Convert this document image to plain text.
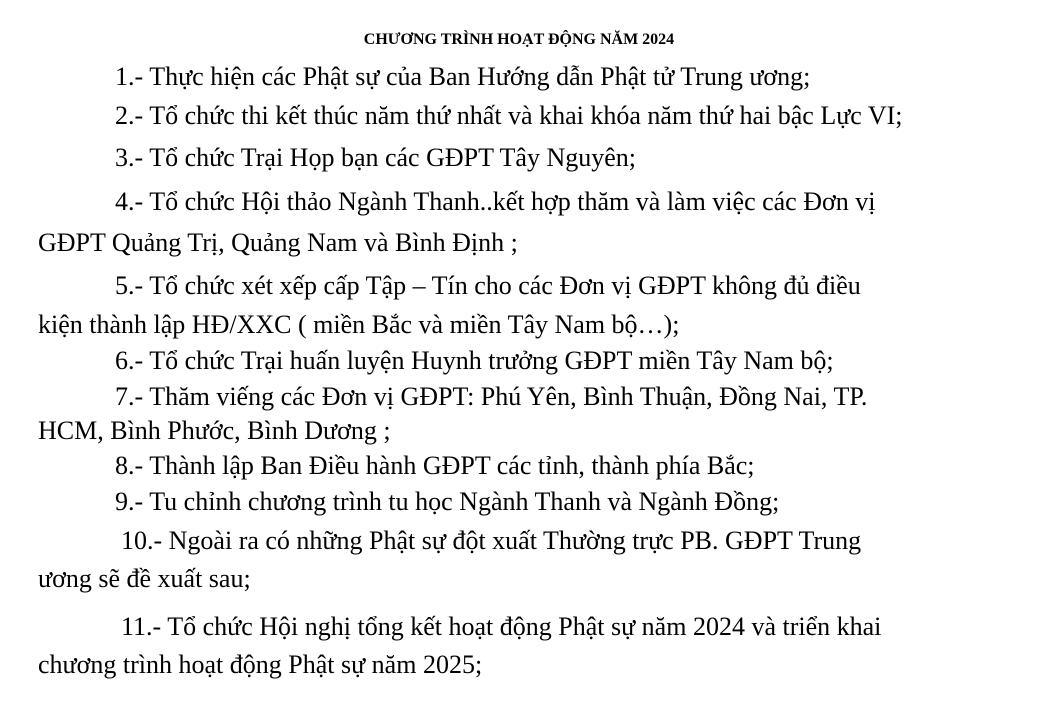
CHƯƠNG TRÌNH HOẠT ĐỘNG NĂM 2024
1.- Thực hiện các Phật sự của Ban Hướng dẫn Phật tử Trung ương;
2.- Tổ chức thi kết thúc năm thứ nhất và khai khóa năm thứ hai bậc Lực VI;
3.- Tổ chức Trại Họp bạn các GĐPT Tây Nguyên;
4.- Tổ chức Hội thảo Ngành Thanh..kết hợp thăm và làm việc các Đơn vị
GĐPT Quảng Trị, Quảng Nam và Bình Định ;
5.- Tổ chức xét xếp cấp Tập – Tín cho các Đơn vị GĐPT không đủ điều
kiện thành lập HĐ/XXC ( miền Bắc và miền Tây Nam bộ…);
6.- Tổ chức Trại huấn luyện Huynh trưởng GĐPT miền Tây Nam bộ;
7.- Thăm viếng các Đơn vị GĐPT: Phú Yên, Bình Thuận, Đồng Nai, TP.
HCM, Bình Phước, Bình Dương ;
8.- Thành lập Ban Điều hành GĐPT các tỉnh, thành phía Bắc;
9.- Tu chỉnh chương trình tu học Ngành Thanh và Ngành Đồng;
10.- Ngoài ra có những Phật sự đột xuất Thường trực PB. GĐPT Trung
ương sẽ đề xuất sau;
11.- Tổ chức Hội nghị tổng kết hoạt động Phật sự năm 2024 và triển khai
chương trình hoạt động Phật sự năm 2025;
